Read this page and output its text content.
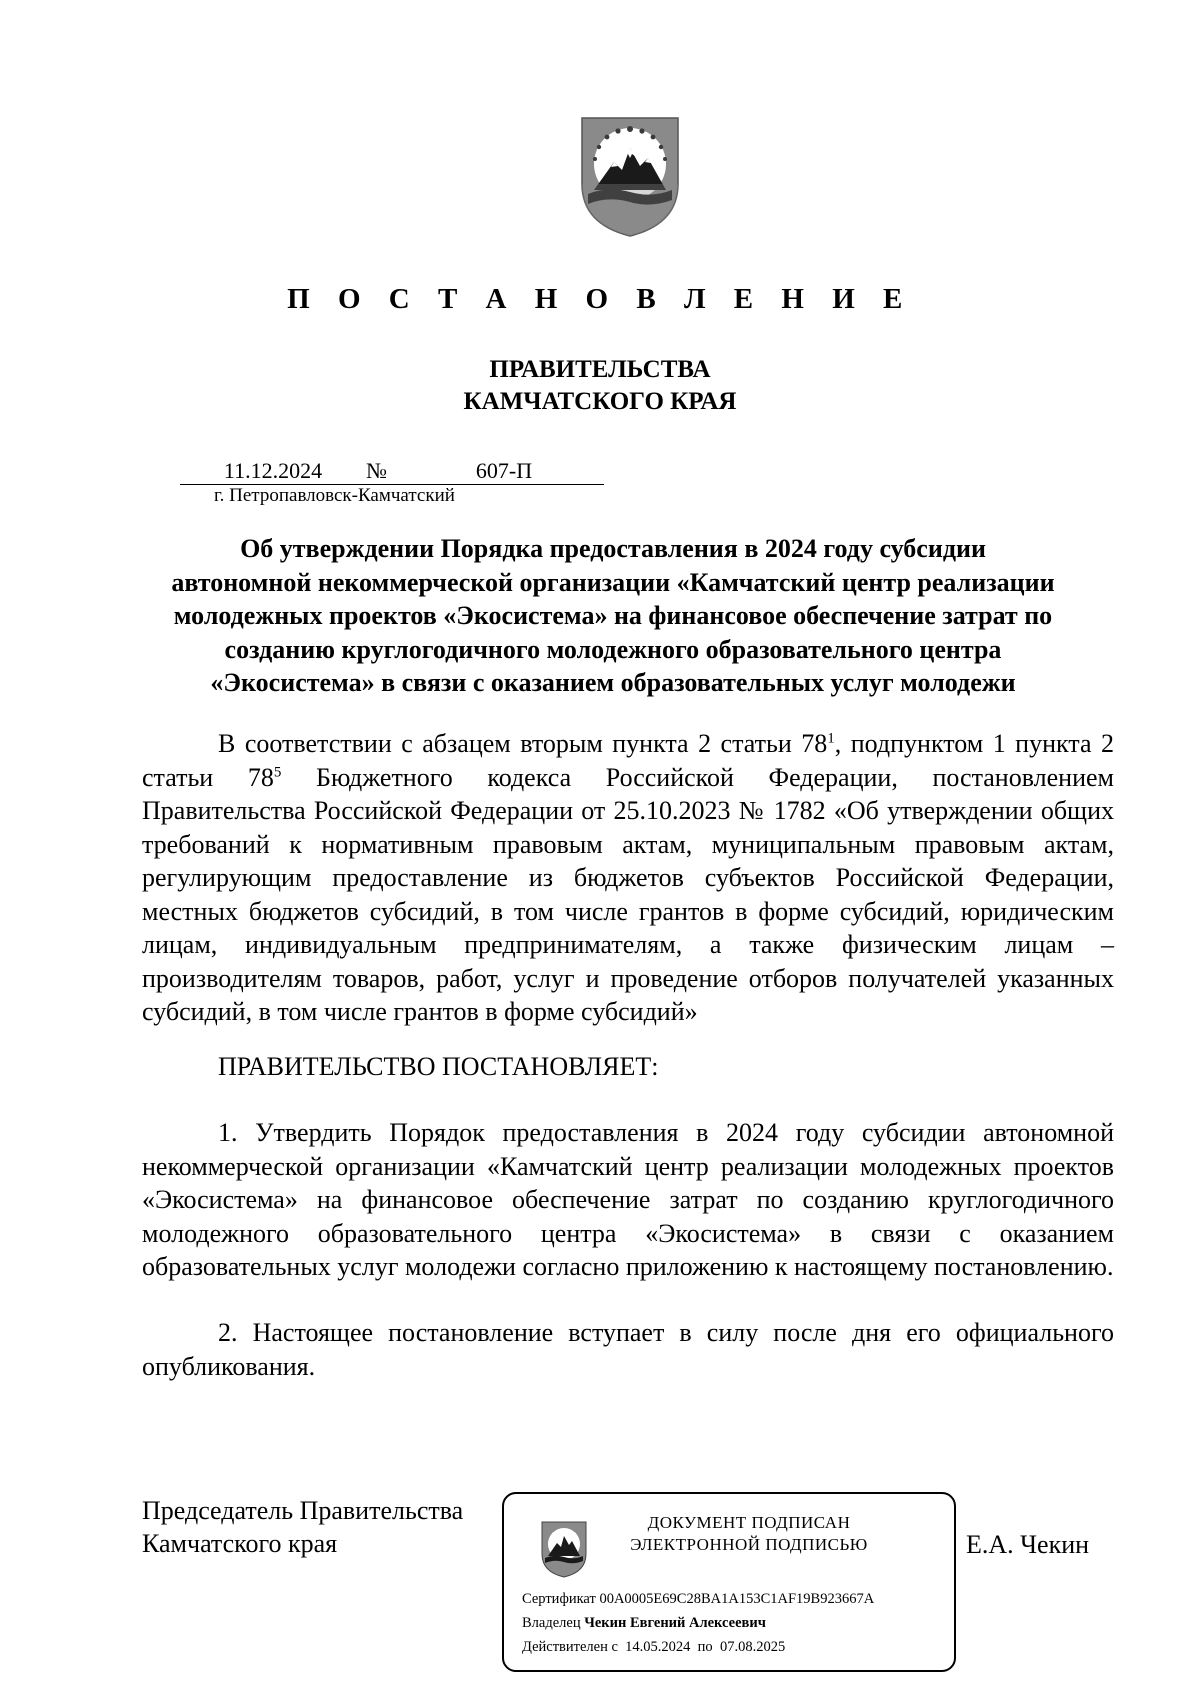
П О С Т А Н О В Л Е Н И Е
ПРАВИТЕЛЬСТВА
КАМЧАТСКОГО КРАЯ
11.12.2024 №	607-П
г. Петропавловск-Камчатский
Об утверждении Порядка предоставления в 2024 году субсидии
автономной некоммерческой организации «Камчатский центр реализации
молодежных проектов «Экосистема» на финансовое обеспечение затрат по
созданию круглогодичного молодежного образовательного центра
«Экосистема» в связи с оказанием образовательных услуг молодежи
В соответствии с абзацем вторым пункта 2 статьи $78^1$, подпунктом 1 пункта 2 статьи $78^5$ Бюджетного кодекса Российской Федерации, постановлением Правительства Российской Федерации от 25.10.2023 № 1782 «Об утверждении общих требований к нормативным правовым актам, муниципальным правовым актам, регулирующим предоставление из бюджетов субъектов Российской Федерации, местных бюджетов субсидий, в том числе грантов в форме субсидий, юридическим лицам, индивидуальным предпринимателям, а также физическим лицам – производителям товаров, работ, услуг и проведение отборов получателей указанных субсидий, в том числе грантов в форме субсидий»
ПРАВИТЕЛЬСТВО ПОСТАНОВЛЯЕТ:
1. Утвердить Порядок предоставления в 2024 году субсидии автономной некоммерческой организации «Камчатский центр реализации молодежных проектов «Экосистема» на финансовое обеспечение затрат по созданию круглогодичного молодежного образовательного центра «Экосистема» в связи с оказанием образовательных услуг молодежи согласно приложению к настоящему постановлению.
2. Настоящее постановление вступает в силу после дня его официального опубликования.
Председатель Правительства
Камчатского края	Е.А. Чекин
ДОКУМЕНТ ПОДПИСАН
ЭЛЕКТРОННОЙ ПОДПИСЬЮ
Сертификат 00A0005E69C28BA1A153C1AF19B923667A
Владелец Чекин Евгений Алексеевич
Действителен с 14.05.2024 по 07.08.2025
